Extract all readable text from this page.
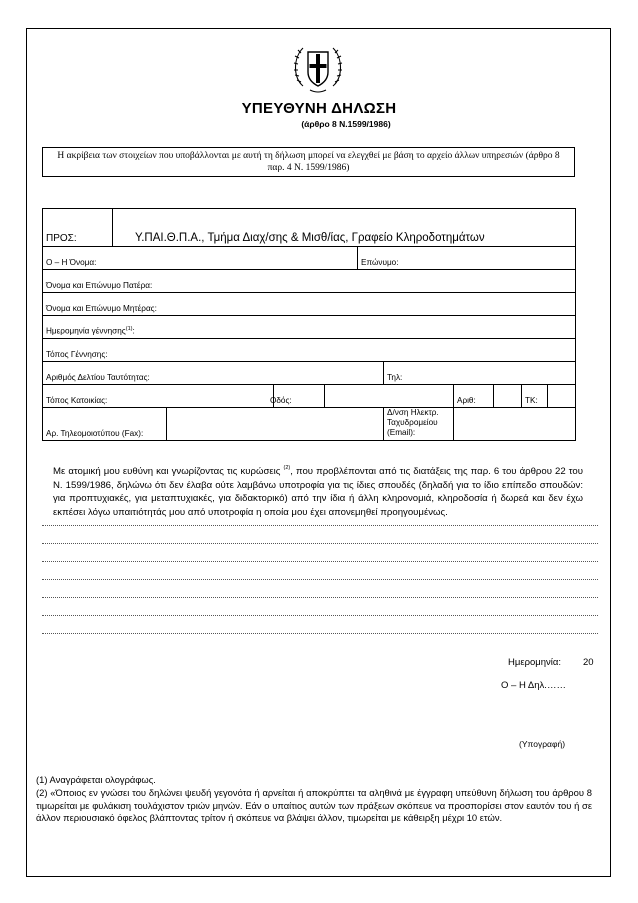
ΥΠΕΥΘΥΝΗ ΔΗΛΩΣΗ
(άρθρο 8 Ν.1599/1986)
Η ακρίβεια των στοιχείων που υποβάλλονται με αυτή τη δήλωση μπορεί να ελεγχθεί με βάση το αρχείο άλλων υπηρεσιών (άρθρο 8 παρ. 4 Ν. 1599/1986)
ΠΡΟΣ:	Υ.ΠΑΙ.Θ.Π.Α., Τμήμα Διαχ/σης & Μισθ/ίας, Γραφείο Κληροδοτημάτων									
Ο – Η Όνομα:					Επώνυμο:					
Όνομα και Επώνυμο Πατέρα:										
Όνομα και Επώνυμο Μητέρας:										
Ημερομηνία γέννησης$^{(1)}$:										
Τόπος Γέννησης:										
Αριθμός Δελτίου Ταυτότητας:						Τηλ:				
Τόπος Κατοικίας:			Οδός:				Αριθ:		ΤΚ:	
Αρ. Τηλεομοιοτύπου (Fax):						Δ/νση Ηλεκτρ.
Ταχυδρομείου
(Email):				
Με ατομική μου ευθύνη και γνωρίζοντας τις κυρώσεις $^{(2)}$, που προβλέπονται από τις διατάξεις της παρ. 6 του άρθρου 22 του Ν. 1599/1986, δηλώνω ότι δεν έλαβα ούτε λαμβάνω υποτροφία για τις ίδιες σπουδές (δηλαδή για το ίδιο επίπεδο σπουδών: για προπτυχιακές, για μεταπτυχιακές, για διδακτορικό) από την ίδια ή άλλη κληρονομιά, κληροδοσία ή δωρεά και δεν έχω εκπέσει λόγω υπαιτιότητάς μου από υποτροφία η οποία μου έχει απονεμηθεί προηγουμένως.
Ημερομηνία: 20
Ο – Η Δηλ.……
(Υπογραφή)
(1) Αναγράφεται ολογράφως.
(2) «Όποιος εν γνώσει του δηλώνει ψευδή γεγονότα ή αρνείται ή αποκρύπτει τα αληθινά με έγγραφη υπεύθυνη δήλωση του άρθρου 8 τιμωρείται με φυλάκιση τουλάχιστον τριών μηνών. Εάν ο υπαίτιος αυτών των πράξεων σκόπευε να προσπορίσει στον εαυτόν του ή σε άλλον περιουσιακό όφελος βλάπτοντας τρίτον ή σκόπευε να βλάψει άλλον, τιμωρείται με κάθειρξη μέχρι 10 ετών.
